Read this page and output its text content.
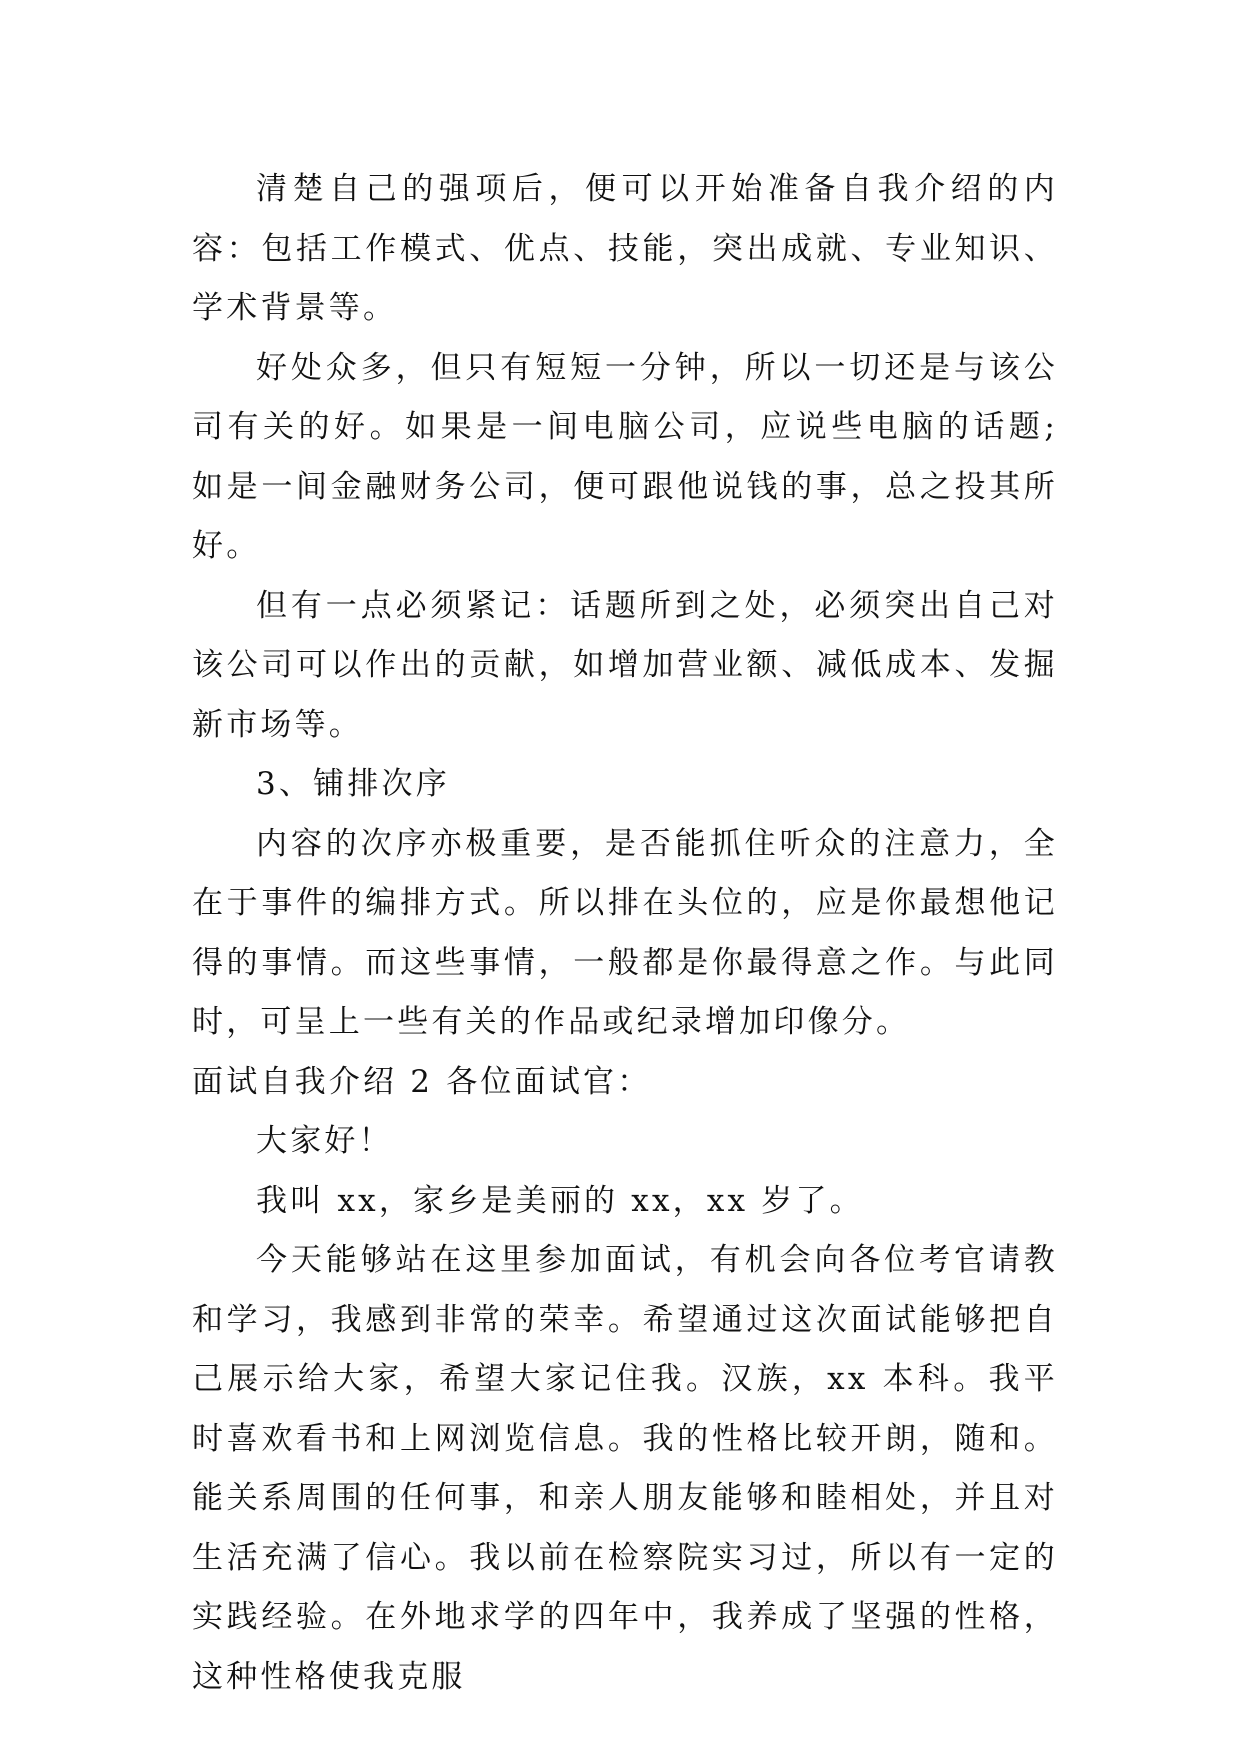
清楚自己的强项后，便可以开始准备自我介绍的内容：包括工作模式、优点、技能，突出成就、专业知识、学术背景等。

好处众多，但只有短短一分钟，所以一切还是与该公司有关的好。如果是一间电脑公司，应说些电脑的话题;如是一间金融财务公司，便可跟他说钱的事，总之投其所好。

但有一点必须紧记：话题所到之处，必须突出自己对该公司可以作出的贡献，如增加营业额、减低成本、发掘新市场等。

3、铺排次序

内容的次序亦极重要，是否能抓住听众的注意力，全在于事件的编排方式。所以排在头位的，应是你最想他记得的事情。而这些事情，一般都是你最得意之作。与此同时，可呈上一些有关的作品或纪录增加印像分。

面试自我介绍 2 各位面试官：

大家好！

我叫 xx，家乡是美丽的 xx，xx 岁了。

今天能够站在这里参加面试，有机会向各位考官请教和学习，我感到非常的荣幸。希望通过这次面试能够把自己展示给大家，希望大家记住我。汉族，xx 本科。我平时喜欢看书和上网浏览信息。我的性格比较开朗，随和。能关系周围的任何事，和亲人朋友能够和睦相处，并且对生活充满了信心。我以前在检察院实习过，所以有一定的实践经验。在外地求学的四年中，我养成了坚强的性格，这种性格使我克服
